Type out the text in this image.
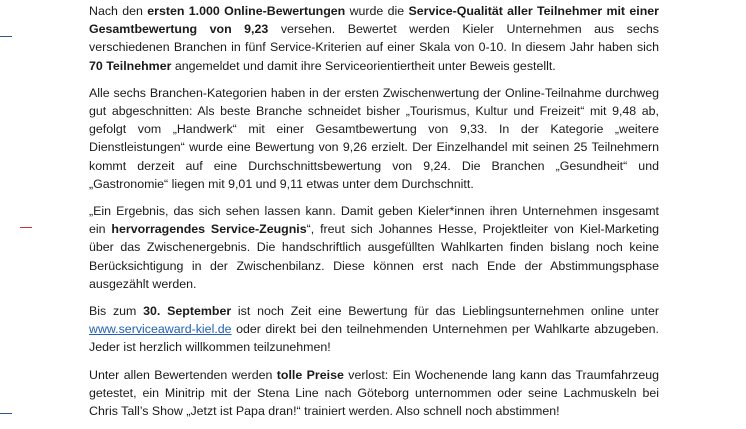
Nach den ersten 1.000 Online-Bewertungen wurde die Service-Qualität aller Teilnehmer mit einer Gesamtbewertung von 9,23 versehen. Bewertet werden Kieler Unternehmen aus sechs verschiedenen Branchen in fünf Service-Kriterien auf einer Skala von 0-10. In diesem Jahr haben sich 70 Teilnehmer angemeldet und damit ihre Serviceorientiertheit unter Beweis gestellt.

Alle sechs Branchen-Kategorien haben in der ersten Zwischenwertung der Online-Teilnahme durchweg gut abgeschnitten: Als beste Branche schneidet bisher „Tourismus, Kultur und Freizeit“ mit 9,48 ab, gefolgt vom „Handwerk“ mit einer Gesamtbewertung von 9,33. In der Kategorie „weitere Dienstleistungen“ wurde eine Bewertung von 9,26 erzielt. Der Einzelhandel mit seinen 25 Teilnehmern kommt derzeit auf eine Durchschnittsbewertung von 9,24. Die Branchen „Gesundheit“ und „Gastronomie“ liegen mit 9,01 und 9,11 etwas unter dem Durchschnitt.

„Ein Ergebnis, das sich sehen lassen kann. Damit geben Kieler*innen ihren Unternehmen insgesamt ein hervorragendes Service-Zeugnis“, freut sich Johannes Hesse, Projektleiter von Kiel-Marketing über das Zwischenergebnis. Die handschriftlich ausgefüllten Wahlkarten finden bislang noch keine Berücksichtigung in der Zwischenbilanz. Diese können erst nach Ende der Abstimmungsphase ausgezählt werden.

Bis zum 30. September ist noch Zeit eine Bewertung für das Lieblingsunternehmen online unter www.serviceaward-kiel.de oder direkt bei den teilnehmenden Unternehmen per Wahlkarte abzugeben. Jeder ist herzlich willkommen teilzunehmen!

Unter allen Bewertenden werden tolle Preise verlost: Ein Wochenende lang kann das Traumfahrzeug getestet, ein Minitrip mit der Stena Line nach Göteborg unternommen oder seine Lachmuskeln bei Chris Tall’s Show „Jetzt ist Papa dran!“ trainiert werden. Also schnell noch abstimmen!
